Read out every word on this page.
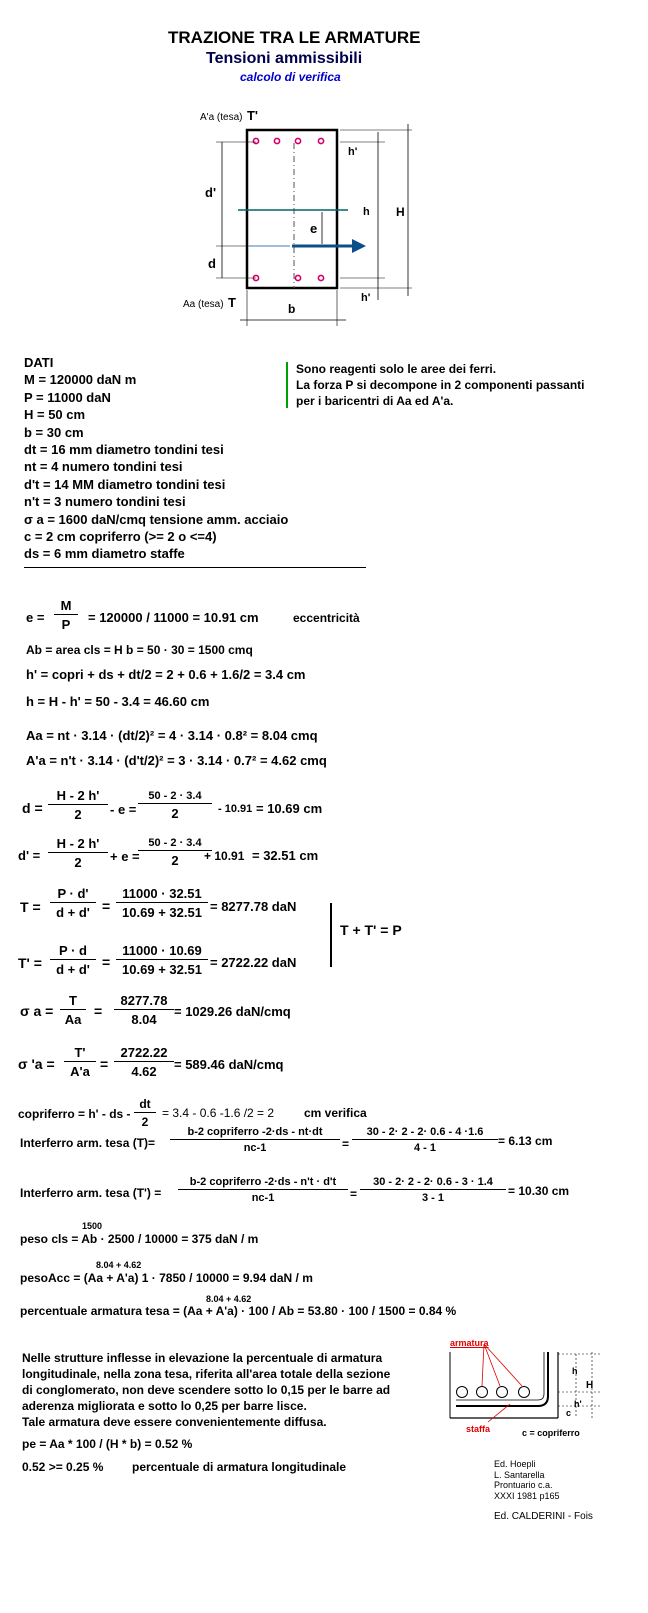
TRAZIONE TRA LE ARMATURE
Tensioni ammissibili
calcolo di verifica
A'a (tesa) T'
Aa (tesa) T
d'
d
e
h H
h'
h'
b
Sono reagenti solo le aree dei ferri.
La forza P si decompone in 2 componenti passanti
per i baricentri di Aa ed A'a.
DATI
M = 120000 daN m
P = 11000 daN
H = 50 cm
b = 30 cm
dt = 16 mm diametro tondini tesi
nt = 4 numero tondini tesi
d't = 14 MM diametro tondini tesi
n't = 3 numero tondini tesi
σ a = 1600 daN/cmq tensione amm. acciaio
c = 2 cm copriferro (>= 2 o <=4)
ds = 6 mm diametro staffe
$e = \frac{M}{P} = 120000 / 11000 = 10.91$ cm	eccentricità
Ab = area cls = H b = 50 · 30 = 1500 cmq
h' = copri + ds + dt/2 = 2 + 0.6 + 1.6/2 = 3.4 cm
h = H - h' = 50 - 3.4 = 46.60 cm
Aa = nt · 3.14 · (dt/2)² = 4 · 3.14 · 0.8² = 8.04 cmq
A'a = n't · 3.14 · (d't/2)² = 3 · 3.14 · 0.7² = 4.62 cmq
$d = \frac{H - 2 h'}{2} - e$ =
50 - 2 · 3.4
2	- 10.91 = 10.69 cm
$d' = \frac{H - 2 h'}{2} + e$ =
50 - 2 · 3.4
2	+ 10.91 = 32.51 cm
$T = \frac{P \cdot d'}{d + d'} = \frac{11000 \cdot 32.51}{10.69 + 32.51} = 8277.78$ daN
$T' = \frac{P \cdot d}{d + d'} = \frac{11000 \cdot 10.69}{10.69 + 32.51} = 2722.22$ daN
T + T' = P
σ $a = \frac{T}{Aa} = \frac{8277.78}{8.04} = 1029.26$ daN/cmq
σ '$a = \frac{T'}{A'a} = \frac{2722.22}{4.62} = 589.46$ daN/cmq
copriferro = h' - ds - $\frac{dt}{2} = 3.4 - 0.6$ -1.6 /2 = 2 cm verifica
Interferro arm. tesa (T)=
b-2 copriferro -2·ds - nt·dt
nc-1	= $\frac{30 - 2\cdot 2 - 2\cdot 0.6 - 4 \cdot 1.6}{4 - 1} = 6.13$ cm
Interferro arm. tesa (T') =
b-2 copriferro -2·ds - n't · d't
nc-1	= $\frac{30 - 2\cdot 2 - 2\cdot 0.6 - 3 \cdot 1.4}{3 - 1} = 10.30$ cm
1500
peso cls = Ab · 2500 / 10000 = 375 daN / m
8.04 + 4.62
pesoAcc = (Aa + A'a) 1 · 7850 / 10000 = 9.94 daN / m
8.04 + 4.62
percentuale armatura tesa = (Aa + A'a) · 100 / Ab = 53.80 · 100 / 1500 = 0.84 %
Nelle strutture inflesse in elevazione la percentuale di armatura
longitudinale, nella zona tesa, riferita all'area totale della sezione
di conglomerato, non deve scendere sotto lo 0,15 per le barre ad
aderenza migliorata e sotto lo 0,25 per barre lisce.
Tale armatura deve essere convenientemente diffusa.
pe = Aa * 100 / (H * b) = 0.52 %
0.52 >= 0.25 % percentuale di armatura longitudinale
armatura
staffa
h
H
h'
c
c = copriferro
Ed. Hoepli
L. Santarella
Prontuario c.a.
XXXI 1981 p165
Ed. CALDERINI - Fois
